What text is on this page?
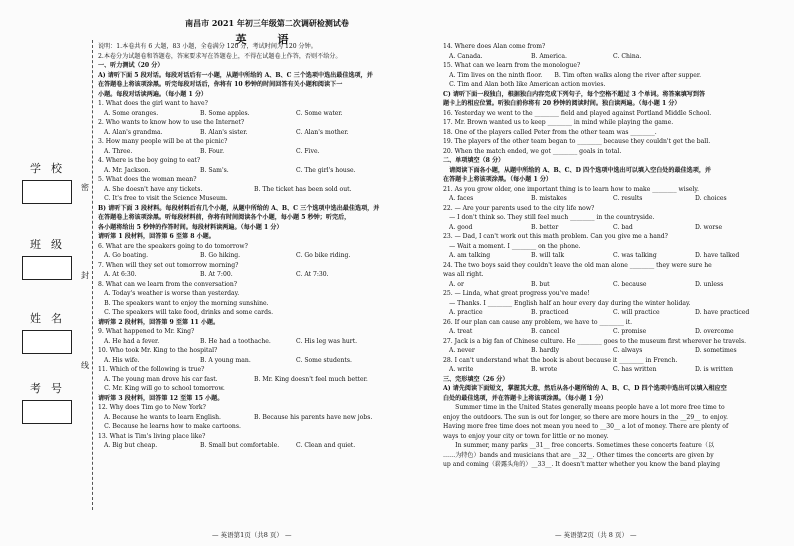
学校
班级
姓名
考号
密
封
线
南昌市 2021 年初三年级第二次调研检测试卷
英　语

说明：1.本卷共有 6 大题，83 小题，全卷满分 120 分，考试时间为 120 分钟。

2.本卷分为试题卷和答题卷，答案要求写在答题卷上，不得在试题卷上作答，否则不给分。

一、听力测试（20 分）

A) 请听下面 5 段对话。每段对话后有一小题，从题中所给的 A、B、C 三个选项中选出最佳选项，并

在答题卷上将该项涂黑。听完每段对话后，你将有 10 秒钟的时间回答有关小题和阅读下一

小题。每段对话读两遍。（每小题 1 分）

1. What does the girl want to have?

A. Some oranges.	B. Some apples.	C. Some water.

2. Who wants to know how to use the Internet?

A. Alan's grandma.	B. Alan's sister.	C. Alan's mother.

3. How many people will be at the picnic?

A. Three.	B. Four.	C. Five.

4. Where is the boy going to eat?

A. Mr. Jackson.	B. Sam's.	C. The girl's house.

5. What does the woman mean?

A. She doesn't have any tickets.	B. The ticket has been sold out.

　C. It's free to visit the Science Museum.

B) 请听下面 3 段材料。每段材料后有几个小题，从题中所给的 A、B、C 三个选项中选出最佳选项，并

在答题卷上将该项涂黑。听每段材料前，你将有时间阅读各个小题，每小题 5 秒钟；听完后，

各小题将给出 5 秒钟的作答时间。每段材料读两遍。（每小题 1 分）

请听第 1 段材料，回答第 6 至第 8 小题。

6. What are the speakers going to do tomorrow?

A. Go boating.	B. Go hiking.	C. Go bike riding.

7. When will they set out tomorrow morning?

A. At 6:30.	B. At 7:00.	C. At 7:30.

8. What can we learn from the conversation?

　A. Today's weather is worse than yesterday.

　B. The speakers want to enjoy the morning sunshine.

　C. The speakers will take food, drinks and some cards.

请听第 2 段材料，回答第 9 至第 11 小题。

9. What happened to Mr. King?

A. He had a fever.	B. He had a toothache.	C. His leg was hurt.

10. Who took Mr. King to the hospital?

A. His wife.	B. A young man.	C. Some students.

11. Which of the following is true?

A. The young man drove his car fast.	B. Mr. King doesn't feel much better.

　C. Mr. King will go to school tomorrow.

请听第 3 段材料，回答第 12 至第 15 小题。

12. Why does Tim go to New York?

A. Because he wants to learn English.	B. Because his parents have new jobs.

　C. Because he learns how to make cartoons.

13. What is Tim's living place like?

A. Big but cheap.	B. Small but comfortable.	C. Clean and quiet.

14. Where does Alan come from?

A. Canada.	B. America.	C. China.

15. What can we learn from the monologue?

　A. Tim lives on the ninth floor.　　B. Tim often walks along the river after supper.

　C. Tim and Alan both like American action movies.

C) 请听下面一段独白，根据独白内容完成下列句子，每个空格不超过 3 个单词。将答案填写到答

题卡上的相应位置。听独白前你将有 20 秒钟的阅读时间。独白读两遍。（每小题 1 分）

16. Yesterday we went to the ________ field and played against Portland Middle School.

17. Mr. Brown wanted us to keep ________ in mind while playing the game.

18. One of the players called Peter from the other team was ________.

19. The players of the other team began to ________ because they couldn't get the ball.

20. When the match ended, we got ________ goals in total.

二、单项填空（8 分）

　请阅读下面各小题，从题中所给的 A、B、C、D 四个选项中选出可以填入空白处的最佳选项，并

在答题卡上将该项涂黑。（每小题 1 分）

21. As you grow older, one important thing is to learn how to make ________ wisely.

A. faces	B. mistakes	C. results	D. choices

22. — Are your parents used to the city life now?

　— I don't think so. They still feel much ________ in the countryside.

A. good	B. better	C. bad	D. worse

23. — Dad, I can't work out this math problem. Can you give me a hand?

　— Wait a moment. I ________ on the phone.

A. am talking	B. will talk	C. was talking	D. have talked

24. The two boys said they couldn't leave the old man alone ________ they were sure he

was all right.

A. or	B. but	C. because	D. unless

25. — Linda, what great progress you've made!

　— Thanks. I ________ English half an hour every day during the winter holiday.

A. practice	B. practiced	C. will practice	D. have practiced

26. If our plan can cause any problem, we have to ________ it.

A. treat	B. cancel	C. promise	D. overcome

27. Jack is a big fan of Chinese culture. He ________ goes to the museum first wherever he travels.

A. never	B. hardly	C. always	D. sometimes

28. I can't understand what the book is about because it ________ in French.

A. write	B. wrote	C. has written	D. is written

三、完形填空（26 分）

A) 请先阅读下面短文，掌握其大意，然后从各小题所给的 A、B、C、D 四个选项中选出可以填入相应空

白处的最佳选项，并在答题卡上将该项涂黑。（每小题 1 分）

　　Summer time in the United States generally means people have a lot more free time to

enjoy the outdoors. The sun is out for longer, so there are more hours in the __29__ to enjoy.

Having more free time does not mean you need to __30__ a lot of money. There are plenty of

ways to enjoy your city or town for little or no money.

　　In summer, many parks __31__ free concerts. Sometimes these concerts feature（以

……为特色）bands and musicians that are __32__. Other times the concerts are given by

up and coming（崭露头角的）__33__. It doesn't matter whether you know the band playing

— 英语第1页（共8 页） —	— 英语第2页（共 8 页） —
